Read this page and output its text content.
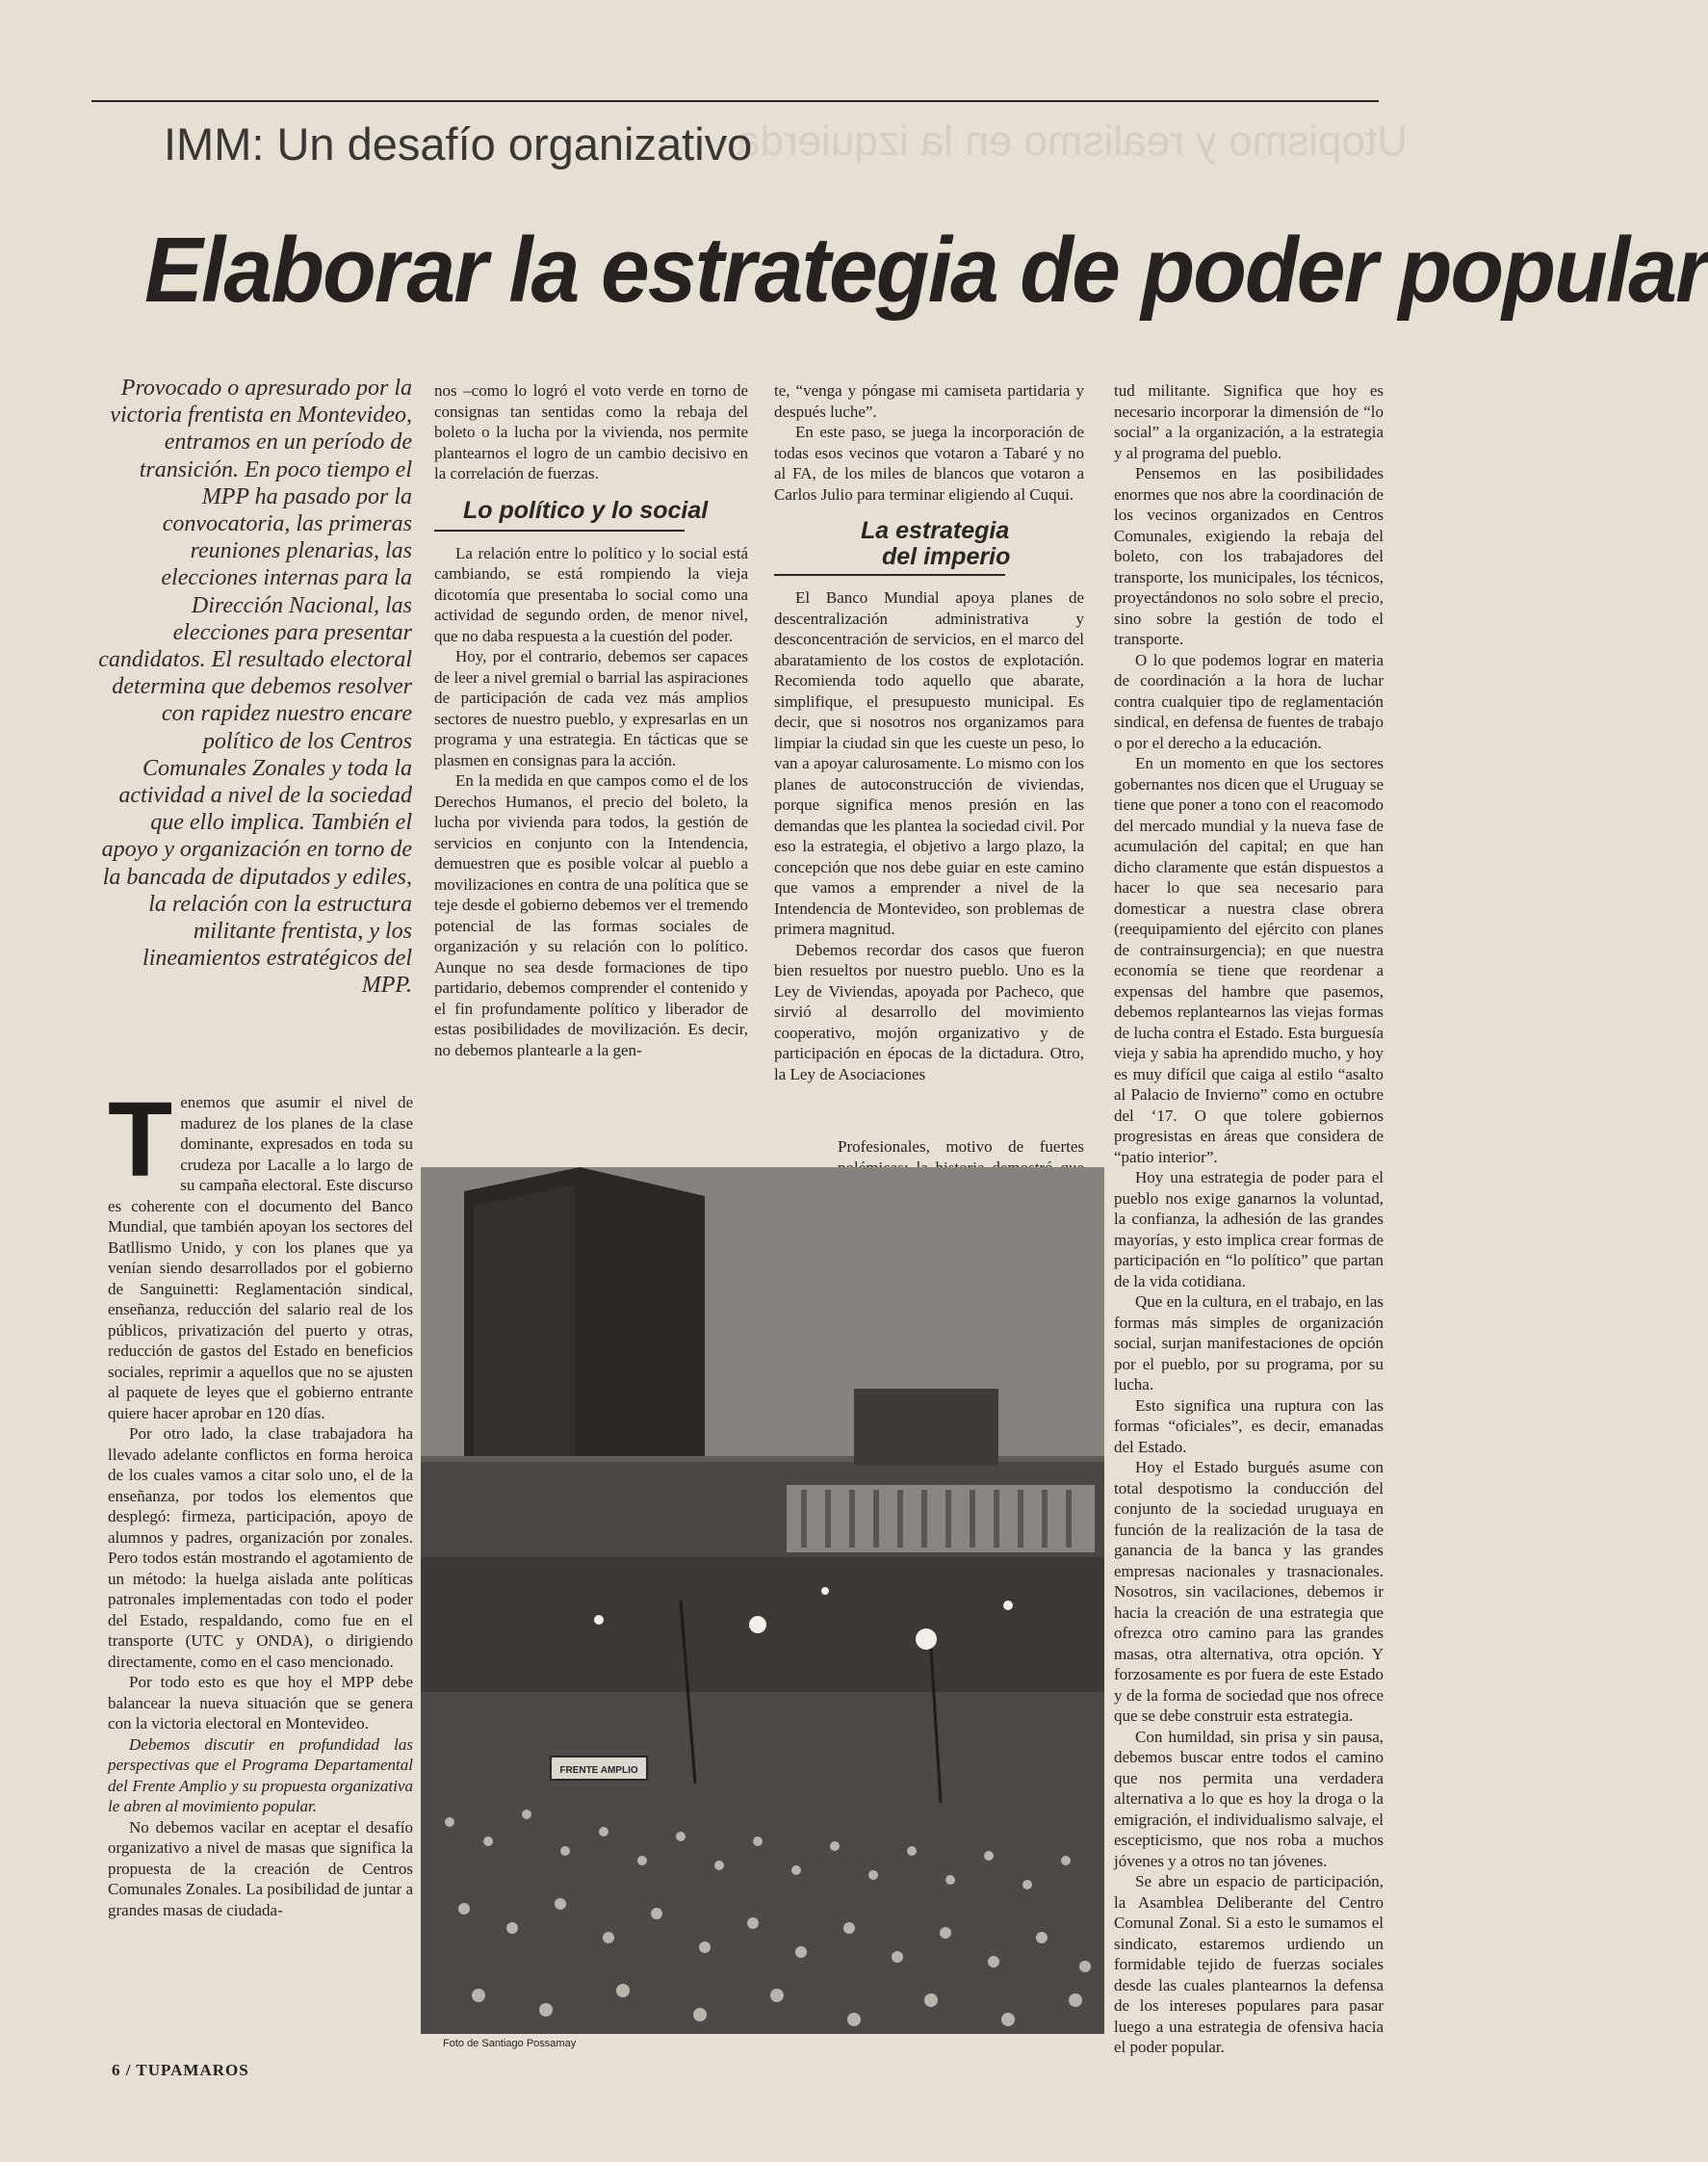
Utopismo y realismo en la izquierda
IMM: Un desafío organizativo
Elaborar la estrategia de poder popular
Provocado o apresurado por la victoria frentista en Montevideo, entramos en un período de transición. En poco tiempo el MPP ha pasado por la convocatoria, las primeras reuniones plenarias, las elecciones internas para la Dirección Nacional, las elecciones para presentar candidatos. El resultado electoral determina que debemos resolver con rapidez nuestro encare político de los Centros Comunales Zonales y toda la actividad a nivel de la sociedad que ello implica. También el apoyo y organización en torno de la bancada de diputados y ediles, la relación con la estructura militante frentista, y los lineamientos estratégicos del MPP.

Tenemos que asumir el nivel de madurez de los planes de la clase dominante, expresados en toda su crudeza por Lacalle a lo largo de su campaña electoral. Este discurso es coherente con el documento del Banco Mundial, que también apoyan los sectores del Batllismo Unido, y con los planes que ya venían siendo desarrollados por el gobierno de Sanguinetti: Reglamentación sindical, enseñanza, reducción del salario real de los públicos, privatización del puerto y otras, reducción de gastos del Estado en beneficios sociales, reprimir a aquellos que no se ajusten al paquete de leyes que el gobierno entrante quiere hacer aprobar en 120 días.

Por otro lado, la clase trabajadora ha llevado adelante conflictos en forma heroica de los cuales vamos a citar solo uno, el de la enseñanza, por todos los elementos que desplegó: firmeza, participación, apoyo de alumnos y padres, organización por zonales. Pero todos están mostrando el agotamiento de un método: la huelga aislada ante políticas patronales implementadas con todo el poder del Estado, respaldando, como fue en el transporte (UTC y ONDA), o dirigiendo directamente, como en el caso mencionado.

Por todo esto es que hoy el MPP debe balancear la nueva situación que se genera con la victoria electoral en Montevideo.

Debemos discutir en profundidad las perspectivas que el Programa Departamental del Frente Amplio y su propuesta organizativa le abren al movimiento popular.

No debemos vacilar en aceptar el desafío organizativo a nivel de masas que significa la propuesta de la creación de Centros Comunales Zonales. La posibilidad de juntar a grandes masas de ciudada-

nos –como lo logró el voto verde en torno de consignas tan sentidas como la rebaja del boleto o la lucha por la vivienda, nos permite plantearnos el logro de un cambio decisivo en la correlación de fuerzas.

Lo político y lo social

La relación entre lo político y lo social está cambiando, se está rompiendo la vieja dicotomía que presentaba lo social como una actividad de segundo orden, de menor nivel, que no daba respuesta a la cuestión del poder.

Hoy, por el contrario, debemos ser capaces de leer a nivel gremial o barrial las aspiraciones de participación de cada vez más amplios sectores de nuestro pueblo, y expresarlas en un programa y una estrategia. En tácticas que se plasmen en consignas para la acción.

En la medida en que campos como el de los Derechos Humanos, el precio del boleto, la lucha por vivienda para todos, la gestión de servicios en conjunto con la Intendencia, demuestren que es posible volcar al pueblo a movilizaciones en contra de una política que se teje desde el gobierno debemos ver el tremendo potencial de las formas sociales de organización y su relación con lo político. Aunque no sea desde formaciones de tipo partidario, debemos comprender el contenido y el fin profundamente político y liberador de estas posibilidades de movilización. Es decir, no debemos plantearle a la gen-

te, “venga y póngase mi camiseta partidaria y después luche”.

En este paso, se juega la incorporación de todas esos vecinos que votaron a Tabaré y no al FA, de los miles de blancos que votaron a Carlos Julio para terminar eligiendo al Cuqui.

La estrategia
del imperio

El Banco Mundial apoya planes de descentralización administrativa y desconcentración de servicios, en el marco del abaratamiento de los costos de explotación. Recomienda todo aquello que abarate, simplifique, el presupuesto municipal. Es decir, que si nosotros nos organizamos para limpiar la ciudad sin que les cueste un peso, lo van a apoyar calurosamente. Lo mismo con los planes de autoconstrucción de viviendas, porque significa menos presión en las demandas que les plantea la sociedad civil. Por eso la estrategia, el objetivo a largo plazo, la concepción que nos debe guiar en este camino que vamos a emprender a nivel de la Intendencia de Montevideo, son problemas de primera magnitud.

Debemos recordar dos casos que fueron bien resueltos por nuestro pueblo. Uno es la Ley de Viviendas, apoyada por Pacheco, que sirvió al desarrollo del movimiento cooperativo, mojón organizativo y de participación en épocas de la dictadura. Otro, la Ley de Asociaciones

Profesionales, motivo de fuertes

tud militante. Significa que hoy es necesario incorporar la dimensión de “lo social” a la organización, a la estrategia y al programa del pueblo.

Pensemos en las posibilidades enormes que nos abre la coordinación de los vecinos organizados en Centros Comunales, exigiendo la rebaja del boleto, con los trabajadores del transporte, los municipales, los técnicos, proyectándonos no solo sobre el precio, sino sobre la gestión de todo el transporte.

O lo que podemos lograr en materia de coordinación a la hora de luchar contra cualquier tipo de reglamentación sindical, en defensa de fuentes de trabajo o por el derecho a la educación.

En un momento en que los sectores gobernantes nos dicen que el Uruguay se tiene que poner a tono con el reacomodo del mercado mundial y la nueva fase de acumulación del capital; en que han dicho claramente que están dispuestos a hacer lo que sea necesario para domesticar a nuestra clase obrera (reequipamiento del ejército con planes de contrainsurgencia); en que nuestra economía se tiene que reordenar a expensas del hambre que pasemos, debemos replantearnos las viejas formas de lucha contra el Estado. Esta burguesía vieja y sabia ha aprendido mucho, y hoy es muy difícil que caiga al estilo “asalto al Palacio de Invierno” como en octubre del ‘17. O que tolere gobiernos progresistas en áreas que considera de “patio interior”.

Hoy una estrategia de poder para el pueblo nos exige ganarnos la voluntad, la confianza, la adhesión de las grandes mayorías, y esto implica crear formas de participación en “lo político” que partan de la vida cotidiana.

Que en la cultura, en el trabajo, en las formas más simples de organización social, surjan manifestaciones de opción por el pueblo, por su programa, por su lucha.

Esto significa una ruptura con las formas “oficiales”, es decir, emanadas del Estado.

Hoy el Estado burgués asume con total despotismo la conducción del conjunto de la sociedad uruguaya en función de la realización de la tasa de ganancia de la banca y las grandes empresas nacionales y trasnacionales. Nosotros, sin vacilaciones, debemos ir hacia la creación de una estrategia que ofrezca otro camino para las grandes masas, otra alternativa, otra opción. Y forzosamente es por fuera de este Estado y de la forma de sociedad que nos ofrece que se debe construir esta estrategia.

Con humildad, sin prisa y sin pausa, debemos buscar entre todos el camino que nos permita una verdadera alternativa a lo que es hoy la droga o la emigración, el individualismo salvaje, el escepticismo, que nos roba a muchos jóvenes y a otros no tan jóvenes.

Se abre un espacio de participación, la Asamblea Deliberante del Centro Comunal Zonal. Si a esto le sumamos el sindicato, estaremos urdiendo un formidable tejido de fuerzas sociales desde las cuales plantearnos la defensa de los intereses populares para pasar luego a una estrategia de ofensiva hacia el poder popular.

FRENTE AMPLIO
Foto de Santiago Possamay
6 / TUPAMAROS
